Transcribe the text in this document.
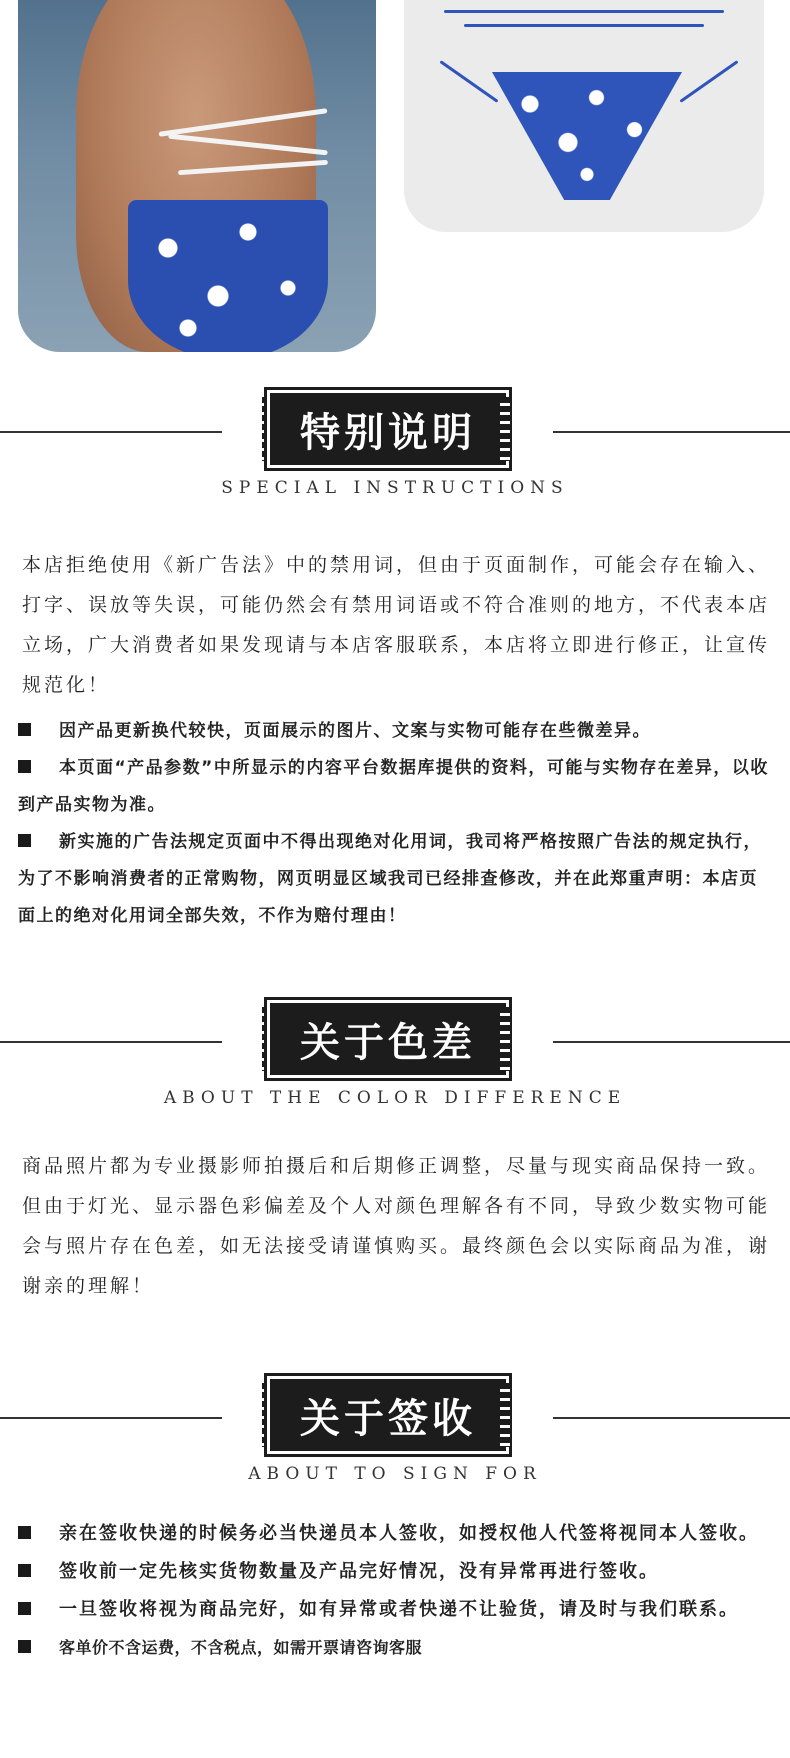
特别说明
SPECIAL INSTRUCTIONS

本店拒绝使用《新广告法》中的禁用词，但由于页面制作，可能会存在输入、打字、误放等失误，可能仍然会有禁用词语或不符合准则的地方，不代表本店立场，广大消费者如果发现请与本店客服联系，本店将立即进行修正，让宣传规范化！

因产品更新换代较快，页面展示的图片、文案与实物可能存在些微差异。
本页面“产品参数”中所显示的内容平台数据库提供的资料，可能与实物存在差异，以收到产品实物为准。
新实施的广告法规定页面中不得出现绝对化用词，我司将严格按照广告法的规定执行，为了不影响消费者的正常购物，网页明显区域我司已经排查修改，并在此郑重声明：本店页面上的绝对化用词全部失效，不作为赔付理由！
关于色差
ABOUT THE COLOR DIFFERENCE

商品照片都为专业摄影师拍摄后和后期修正调整，尽量与现实商品保持一致。但由于灯光、显示器色彩偏差及个人对颜色理解各有不同，导致少数实物可能会与照片存在色差，如无法接受请谨慎购买。最终颜色会以实际商品为准，谢谢亲的理解！

关于签收
ABOUT TO SIGN FOR
亲在签收快递的时候务必当快递员本人签收，如授权他人代签将视同本人签收。
签收前一定先核实货物数量及产品完好情况，没有异常再进行签收。
一旦签收将视为商品完好，如有异常或者快递不让验货，请及时与我们联系。
客单价不含运费，不含税点，如需开票请咨询客服
